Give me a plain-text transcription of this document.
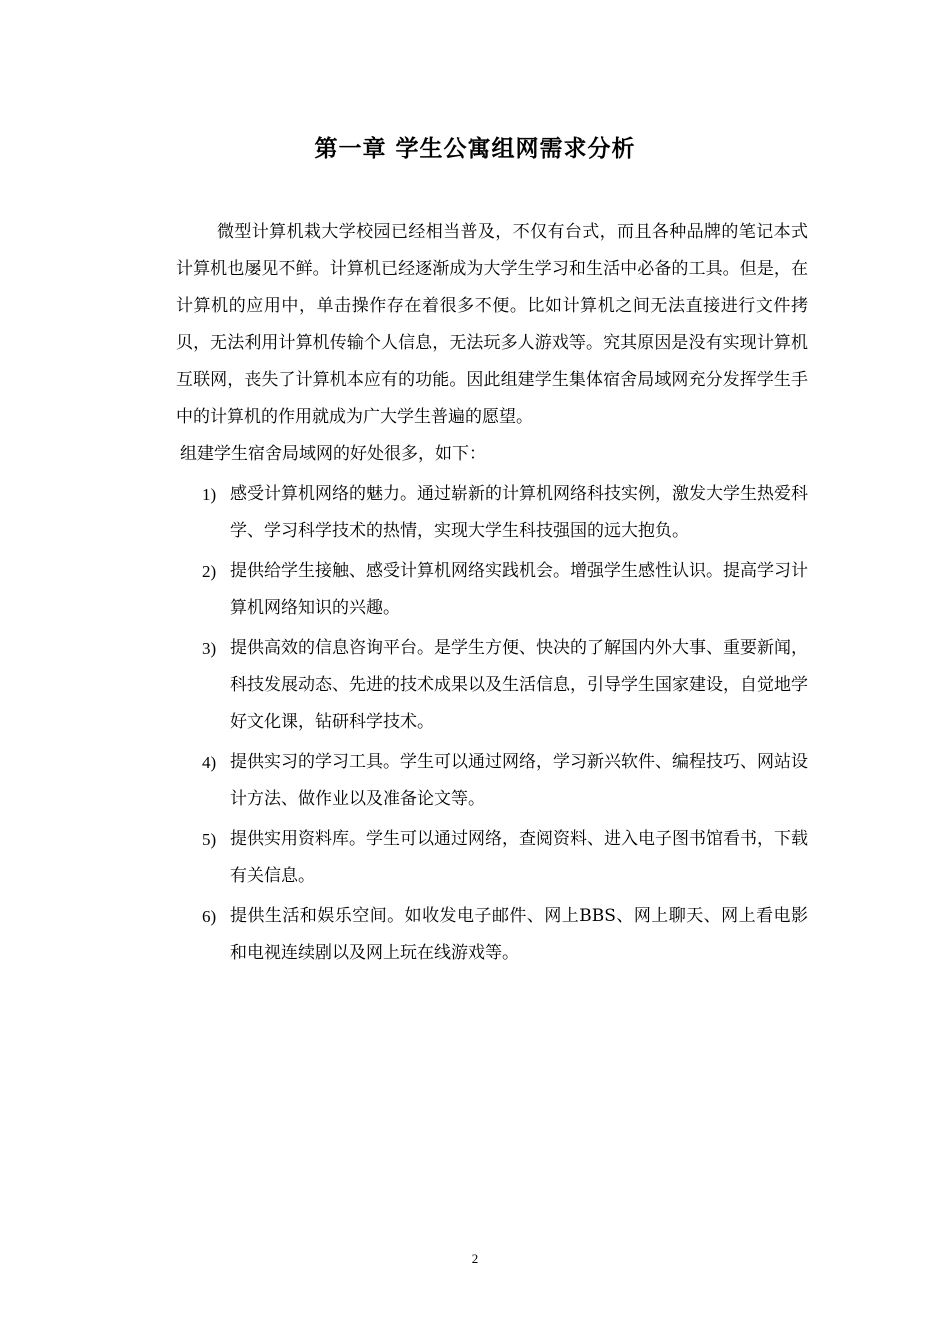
第一章 学生公寓组网需求分析

微型计算机栽大学校园已经相当普及，不仅有台式，而且各种品牌的笔记本式计算机也屡见不鲜。计算机已经逐渐成为大学生学习和生活中必备的工具。但是，在计算机的应用中，单击操作存在着很多不便。比如计算机之间无法直接进行文件拷贝，无法利用计算机传输个人信息，无法玩多人游戏等。究其原因是没有实现计算机互联网，丧失了计算机本应有的功能。因此组建学生集体宿舍局域网充分发挥学生手中的计算机的作用就成为广大学生普遍的愿望。

组建学生宿舍局域网的好处很多，如下：

1) 感受计算机网络的魅力。通过崭新的计算机网络科技实例，激发大学生热爱科学、学习科学技术的热情，实现大学生科技强国的远大抱负。
2) 提供给学生接触、感受计算机网络实践机会。增强学生感性认识。提高学习计算机网络知识的兴趣。
3) 提供高效的信息咨询平台。是学生方便、快决的了解国内外大事、重要新闻，科技发展动态、先进的技术成果以及生活信息，引导学生国家建设，自觉地学好文化课，钻研科学技术。
4) 提供实习的学习工具。学生可以通过网络，学习新兴软件、编程技巧、网站设计方法、做作业以及准备论文等。
5) 提供实用资料库。学生可以通过网络，查阅资料、进入电子图书馆看书，下载有关信息。
6) 提供生活和娱乐空间。如收发电子邮件、网上BBS、网上聊天、网上看电影和电视连续剧以及网上玩在线游戏等。
2
